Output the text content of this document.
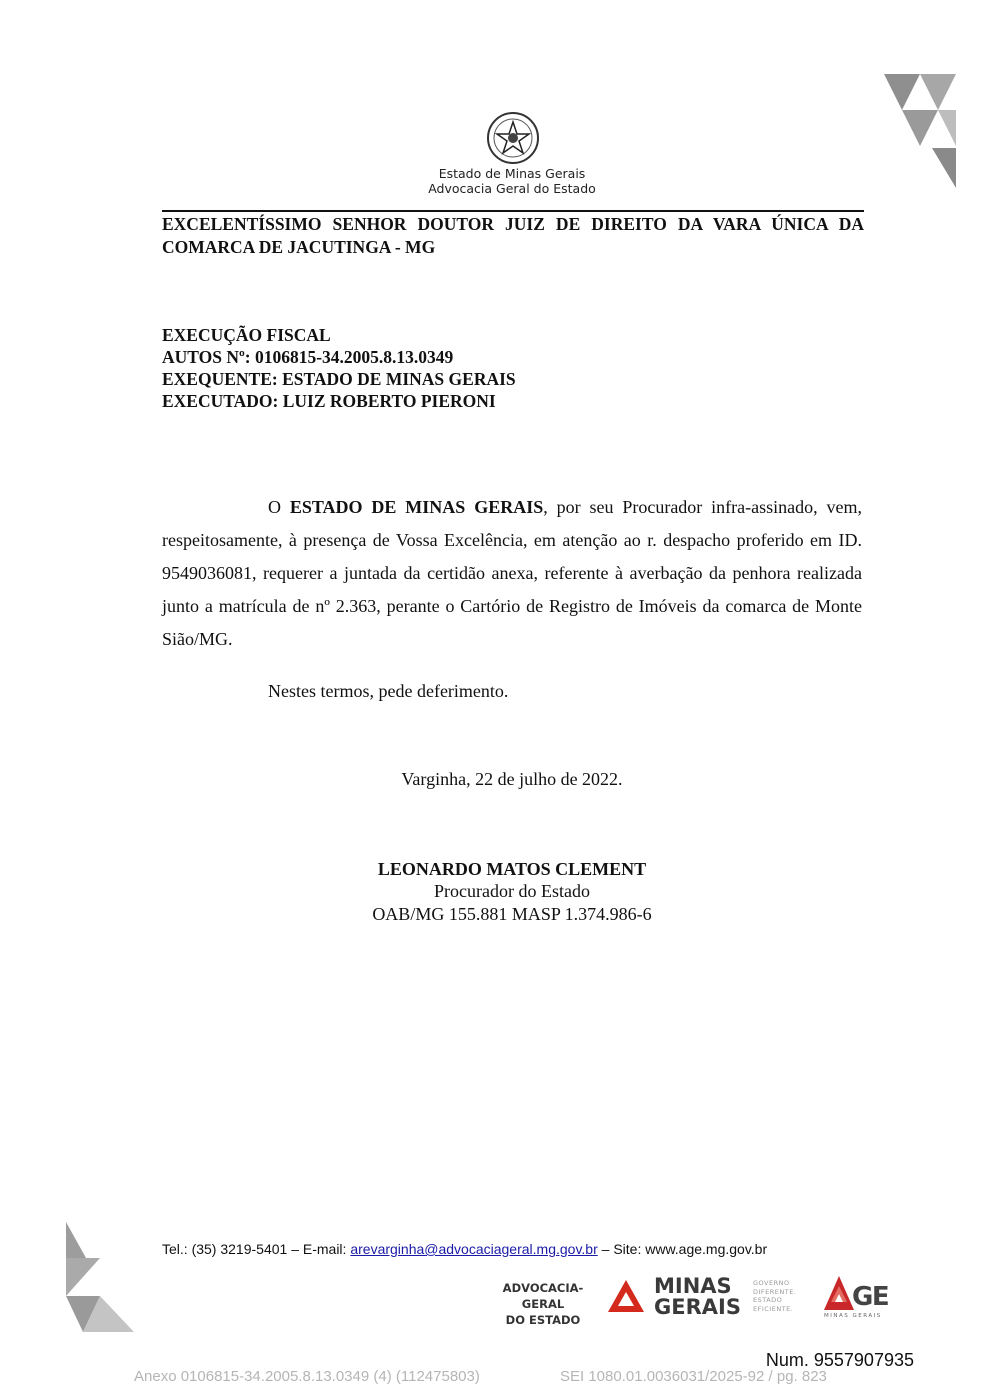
Estado de Minas Gerais
Advocacia Geral do Estado
EXCELENTÍSSIMO SENHOR DOUTOR JUIZ DE DIREITO DA VARA ÚNICA DA
COMARCA DE JACUTINGA - MG
EXECUÇÃO FISCAL
AUTOS Nº: 0106815-34.2005.8.13.0349
EXEQUENTE: ESTADO DE MINAS GERAIS
EXECUTADO: LUIZ ROBERTO PIERONI
O ESTADO DE MINAS GERAIS, por seu Procurador infra-assinado, vem, respeitosamente, à presença de Vossa Excelência, em atenção ao r. despacho proferido em ID. 9549036081, requerer a juntada da certidão anexa, referente à averbação da penhora realizada junto a matrícula de nº 2.363, perante o Cartório de Registro de Imóveis da comarca de Monte Sião/MG.
Nestes termos, pede deferimento.
Varginha, 22 de julho de 2022.
LEONARDO MATOS CLEMENT
Procurador do Estado
OAB/MG 155.881 MASP 1.374.986-6
Tel.: (35) 3219-5401 – E-mail: arevarginha@advocaciageral.mg.gov.br – Site: www.age.mg.gov.br
ADVOCACIA-GERAL
DO ESTADO
MINAS
GERAIS
GOVERNO
DIFERENTE.
ESTADO
EFICIENTE. GE
MINAS GERAIS
Num. 9557907935
Anexo 0106815-34.2005.8.13.0349 (4) (112475803)	SEI 1080.01.0036031/2025-92 / pg. 823
